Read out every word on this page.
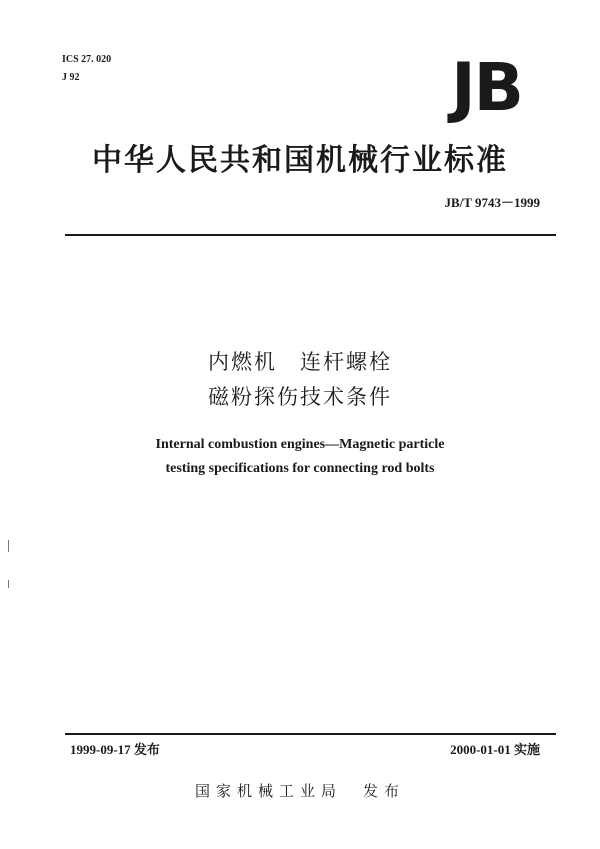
ICS 27. 020
J 92	JB
中华人民共和国机械行业标准
JB/T 9743－1999
内燃机　连杆螺栓
磁粉探伤技术条件
Internal combustion engines—Magnetic particle
testing specifications for connecting rod bolts
1999-09-17 发布	2000-01-01 实施
国家机械工业局　发布
